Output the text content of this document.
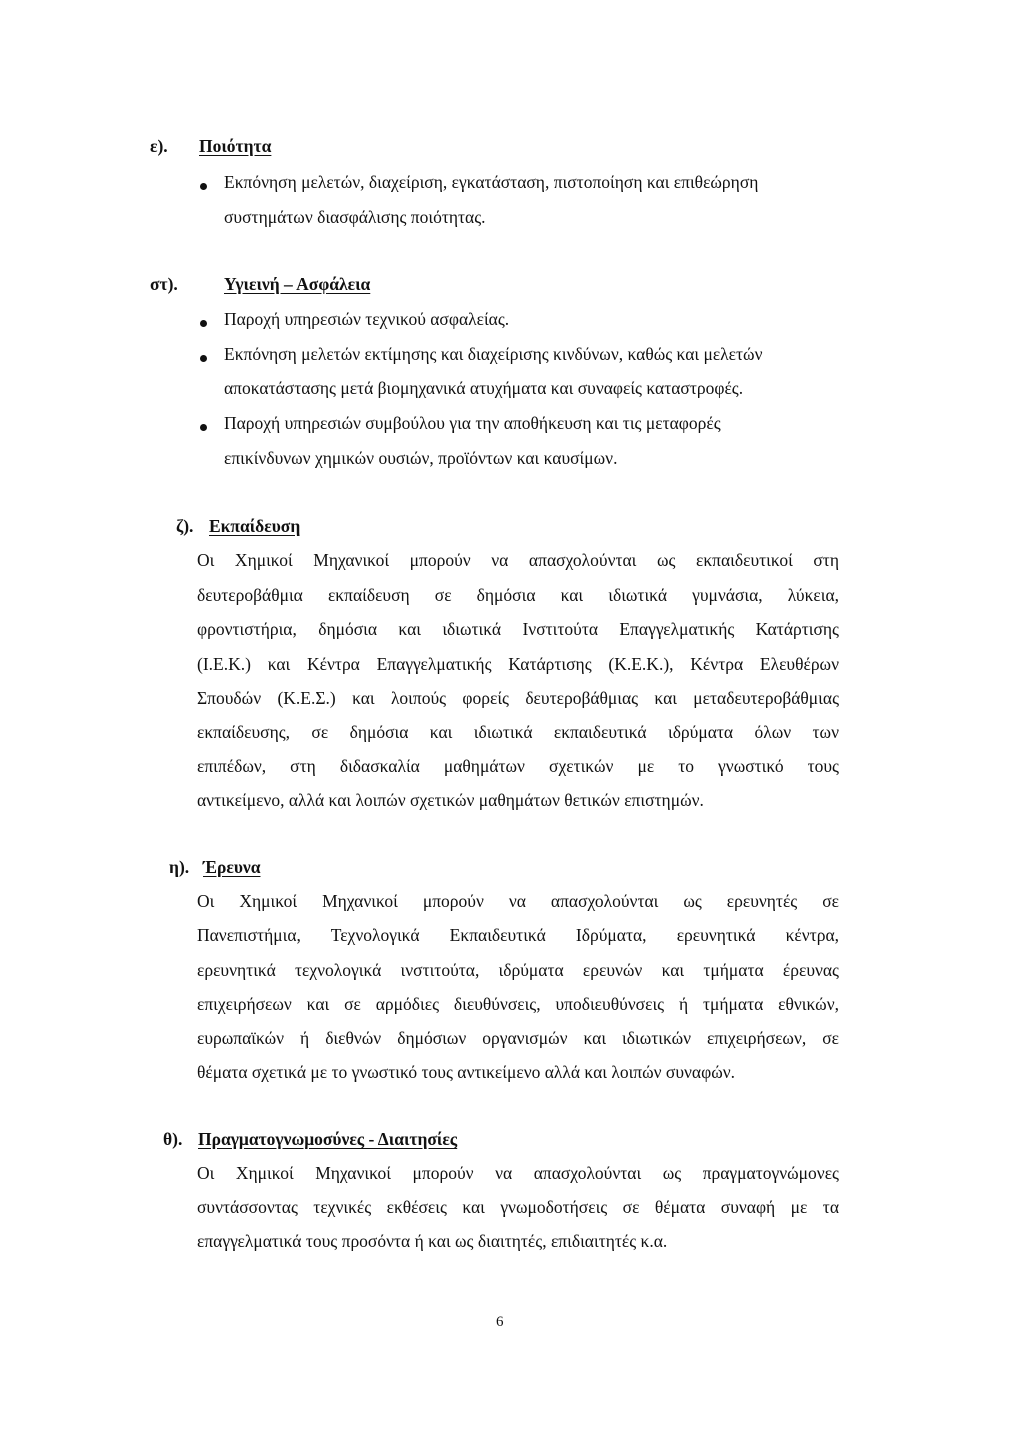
ε). Ποιότητα
Εκπόνηση μελετών, διαχείριση, εγκατάσταση, πιστοποίηση και επιθεώρηση
συστημάτων διασφάλισης ποιότητας.
στ).	Υγιεινή – Ασφάλεια
Παροχή υπηρεσιών τεχνικού ασφαλείας.
Εκπόνηση μελετών εκτίμησης και διαχείρισης κινδύνων, καθώς και μελετών
αποκατάστασης μετά βιομηχανικά ατυχήματα και συναφείς καταστροφές.
Παροχή υπηρεσιών συμβούλου για την αποθήκευση και τις μεταφορές
επικίνδυνων χημικών ουσιών, προϊόντων και καυσίμων.
ζ). Εκπαίδευση
Οι Χημικοί Μηχανικοί μπορούν να απασχολούνται ως εκπαιδευτικοί στη
δευτεροβάθμια εκπαίδευση σε δημόσια και ιδιωτικά γυμνάσια, λύκεια,
φροντιστήρια, δημόσια και ιδιωτικά Ινστιτούτα Επαγγελματικής Κατάρτισης
(Ι.Ε.Κ.) και Κέντρα Επαγγελματικής Κατάρτισης (Κ.Ε.Κ.), Κέντρα Ελευθέρων
Σπουδών (Κ.Ε.Σ.) και λοιπούς φορείς δευτεροβάθμιας και μεταδευτεροβάθμιας
εκπαίδευσης, σε δημόσια και ιδιωτικά εκπαιδευτικά ιδρύματα όλων των
επιπέδων, στη διδασκαλία μαθημάτων σχετικών με το γνωστικό τους
αντικείμενο, αλλά και λοιπών σχετικών μαθημάτων θετικών επιστημών.
η). Έρευνα
Οι Χημικοί Μηχανικοί μπορούν να απασχολούνται ως ερευνητές σε
Πανεπιστήμια, Τεχνολογικά Εκπαιδευτικά Ιδρύματα, ερευνητικά κέντρα,
ερευνητικά τεχνολογικά ινστιτούτα, ιδρύματα ερευνών και τμήματα έρευνας
επιχειρήσεων και σε αρμόδιες διευθύνσεις, υποδιευθύνσεις ή τμήματα εθνικών,
ευρωπαϊκών ή διεθνών δημόσιων οργανισμών και ιδιωτικών επιχειρήσεων, σε
θέματα σχετικά με το γνωστικό τους αντικείμενο αλλά και λοιπών συναφών.
θ). Πραγματογνωμοσύνες - Διαιτησίες
Οι Χημικοί Μηχανικοί μπορούν να απασχολούνται ως πραγματογνώμονες
συντάσσοντας τεχνικές εκθέσεις και γνωμοδοτήσεις σε θέματα συναφή με τα
επαγγελματικά τους προσόντα ή και ως διαιτητές, επιδιαιτητές κ.α.
6
